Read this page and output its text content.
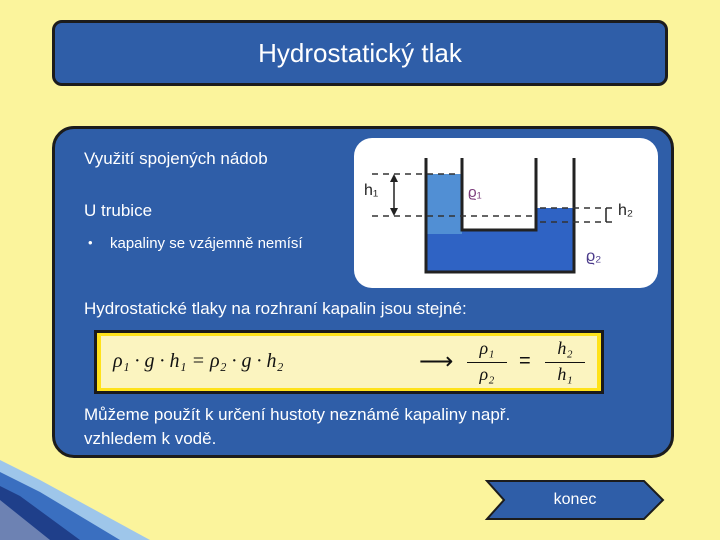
Hydrostatický tlak
Využití spojených nádob
U trubice
• kapaliny se vzájemně nemísí
h₁
h₂
ϱ₁
ϱ₂
Hydrostatické tlaky na rozhraní kapalin jsou stejné:
ρ₁ · g · h₁ = ρ₂ · g · h₂	⟶	ρ₁
ρ₂
=
h₂
h₁
Můžeme použít k určení hustoty neznámé kapaliny např.
vzhledem k vodě.
konec
